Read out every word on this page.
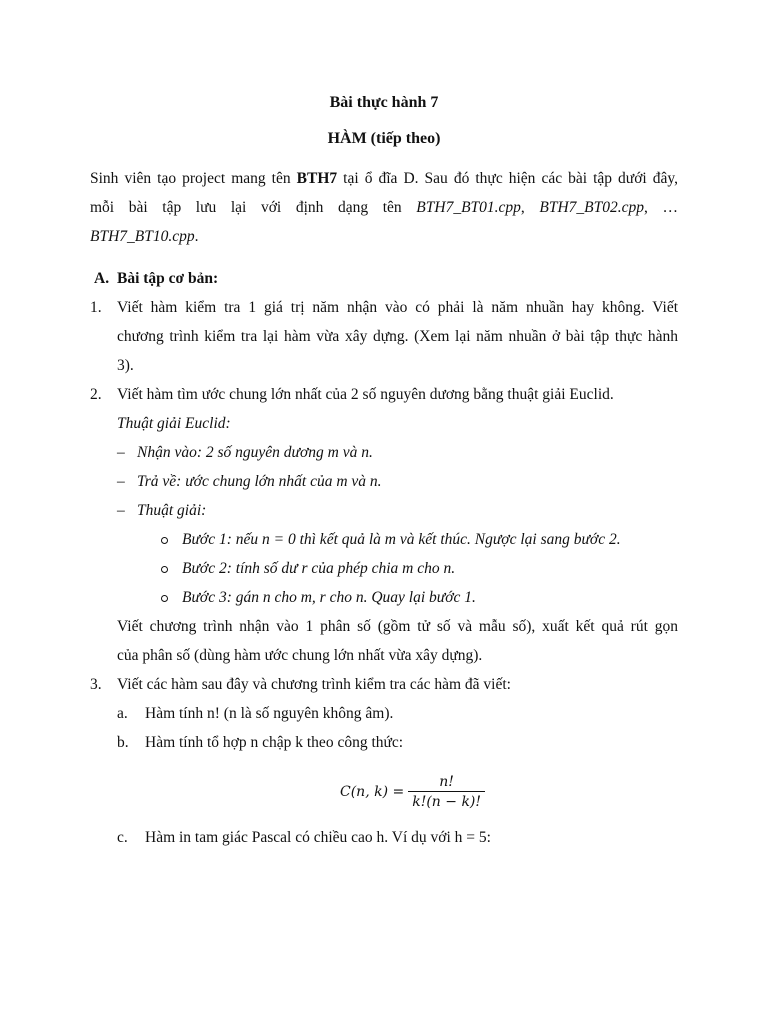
Bài thực hành 7
HÀM (tiếp theo)
Sinh viên tạo project mang tên BTH7 tại ổ đĩa D. Sau đó thực hiện các bài tập dưới đây,
mỗi bài tập lưu lại với định dạng tên BTH7_BT01.cpp, BTH7_BT02.cpp, …
BTH7_BT10.cpp.
A. Bài tập cơ bản:
1. Viết hàm kiểm tra 1 giá trị năm nhận vào có phải là năm nhuần hay không. Viết
chương trình kiểm tra lại hàm vừa xây dựng. (Xem lại năm nhuần ở bài tập thực hành
3).
2. Viết hàm tìm ước chung lớn nhất của 2 số nguyên dương bằng thuật giải Euclid.
Thuật giải Euclid:
– Nhận vào: 2 số nguyên dương m và n.
– Trả về: ước chung lớn nhất của m và n.
– Thuật giải:
Bước 1: nếu n = 0 thì kết quả là m và kết thúc. Ngược lại sang bước 2.
Bước 2: tính số dư r của phép chia m cho n.
Bước 3: gán n cho m, r cho n. Quay lại bước 1.
Viết chương trình nhận vào 1 phân số (gồm tử số và mẫu số), xuất kết quả rút gọn
của phân số (dùng hàm ước chung lớn nhất vừa xây dựng).
3. Viết các hàm sau đây và chương trình kiểm tra các hàm đã viết:
a. Hàm tính n! (n là số nguyên không âm).
b. Hàm tính tổ hợp n chập k theo công thức:
C(n, $k) = \frac{n!}{k!(n - k)!}$
c. Hàm in tam giác Pascal có chiều cao h. Ví dụ với h = 5:
